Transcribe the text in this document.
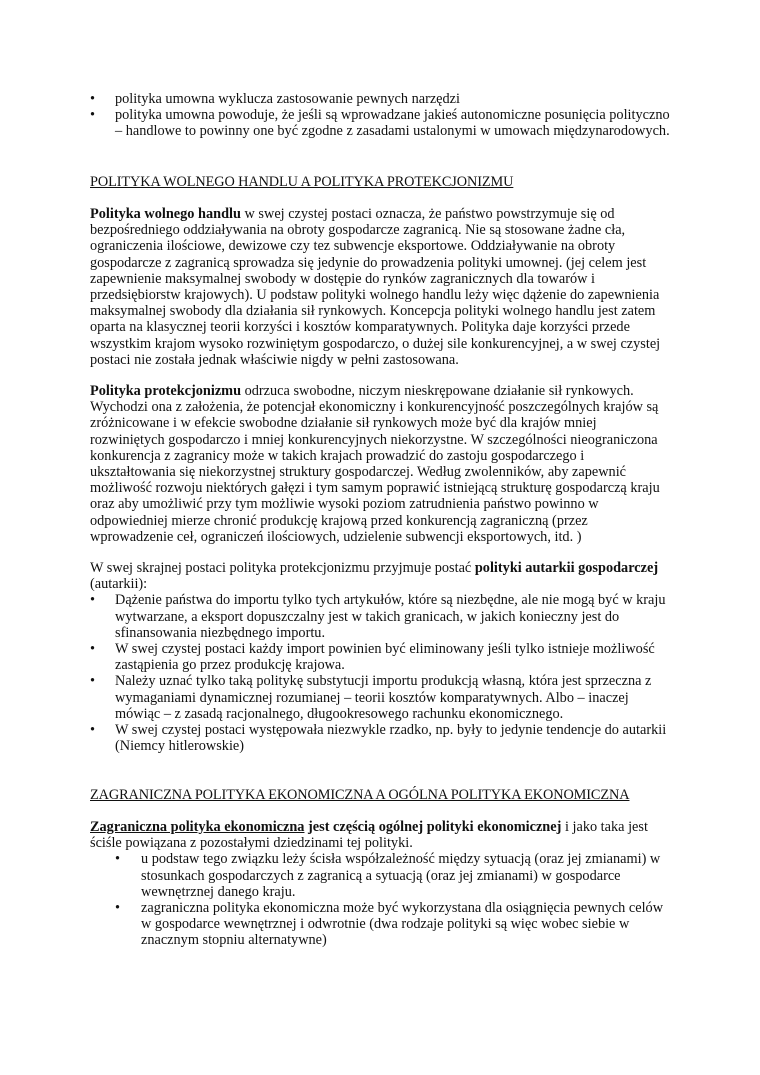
• polityka umowna wyklucza zastosowanie pewnych narzędzi
• polityka umowna powoduje, że jeśli są wprowadzane jakieś autonomiczne posunięcia polityczno – handlowe to powinny one być zgodne z zasadami ustalonymi w umowach międzynarodowych.
POLITYKA WOLNEGO HANDLU A POLITYKA PROTEKCJONIZMU

Polityka wolnego handlu w swej czystej postaci oznacza, że państwo powstrzymuje się od bezpośredniego oddziaływania na obroty gospodarcze zagranicą. Nie są stosowane żadne cła, ograniczenia ilościowe, dewizowe czy tez subwencje eksportowe. Oddziaływanie na obroty gospodarcze z zagranicą sprowadza się jedynie do prowadzenia polityki umownej. (jej celem jest zapewnienie maksymalnej swobody w dostępie do rynków zagranicznych dla towarów i przedsiębiorstw krajowych). U podstaw polityki wolnego handlu leży więc dążenie do zapewnienia maksymalnej swobody dla działania sił rynkowych. Koncepcja polityki wolnego handlu jest zatem oparta na klasycznej teorii korzyści i kosztów komparatywnych. Polityka daje korzyści przede wszystkim krajom wysoko rozwiniętym gospodarczo, o dużej sile konkurencyjnej, a w swej czystej postaci nie została jednak właściwie nigdy w pełni zastosowana.

Polityka protekcjonizmu odrzuca swobodne, niczym nieskrępowane działanie sił rynkowych. Wychodzi ona z założenia, że potencjał ekonomiczny i konkurencyjność poszczególnych krajów są zróżnicowane i w efekcie swobodne działanie sił rynkowych może być dla krajów mniej rozwiniętych gospodarczo i mniej konkurencyjnych niekorzystne. W szczególności nieograniczona konkurencja z zagranicy może w takich krajach prowadzić do zastoju gospodarczego i ukształtowania się niekorzystnej struktury gospodarczej. Według zwolenników, aby zapewnić możliwość rozwoju niektórych gałęzi i tym samym poprawić istniejącą strukturę gospodarczą kraju oraz aby umożliwić przy tym możliwie wysoki poziom zatrudnienia państwo powinno w odpowiedniej mierze chronić produkcję krajową przed konkurencją zagraniczną (przez wprowadzenie ceł, ograniczeń ilościowych, udzielenie subwencji eksportowych, itd. )

W swej skrajnej postaci polityka protekcjonizmu przyjmuje postać polityki autarkii gospodarczej (autarkii):

• Dążenie państwa do importu tylko tych artykułów, które są niezbędne, ale nie mogą być w kraju wytwarzane, a eksport dopuszczalny jest w takich granicach, w jakich konieczny jest do sfinansowania niezbędnego importu.
• W swej czystej postaci każdy import powinien być eliminowany jeśli tylko istnieje możliwość zastąpienia go przez produkcję krajowa.
• Należy uznać tylko taką politykę substytucji importu produkcją własną, która jest sprzeczna z wymaganiami dynamicznej rozumianej – teorii kosztów komparatywnych. Albo – inaczej mówiąc – z zasadą racjonalnego, długookresowego rachunku ekonomicznego.
• W swej czystej postaci występowała niezwykle rzadko, np. były to jedynie tendencje do autarkii (Niemcy hitlerowskie)
ZAGRANICZNA POLITYKA EKONOMICZNA A OGÓLNA POLITYKA EKONOMICZNA

Zagraniczna polityka ekonomiczna jest częścią ogólnej polityki ekonomicznej i jako taka jest ściśle powiązana z pozostałymi dziedzinami tej polityki.

• u podstaw tego związku leży ścisła współzależność między sytuacją (oraz jej zmianami) w stosunkach gospodarczych z zagranicą a sytuacją (oraz jej zmianami) w gospodarce wewnętrznej danego kraju.
• zagraniczna polityka ekonomiczna może być wykorzystana dla osiągnięcia pewnych celów w gospodarce wewnętrznej i odwrotnie (dwa rodzaje polityki są więc wobec siebie w znacznym stopniu alternatywne)
